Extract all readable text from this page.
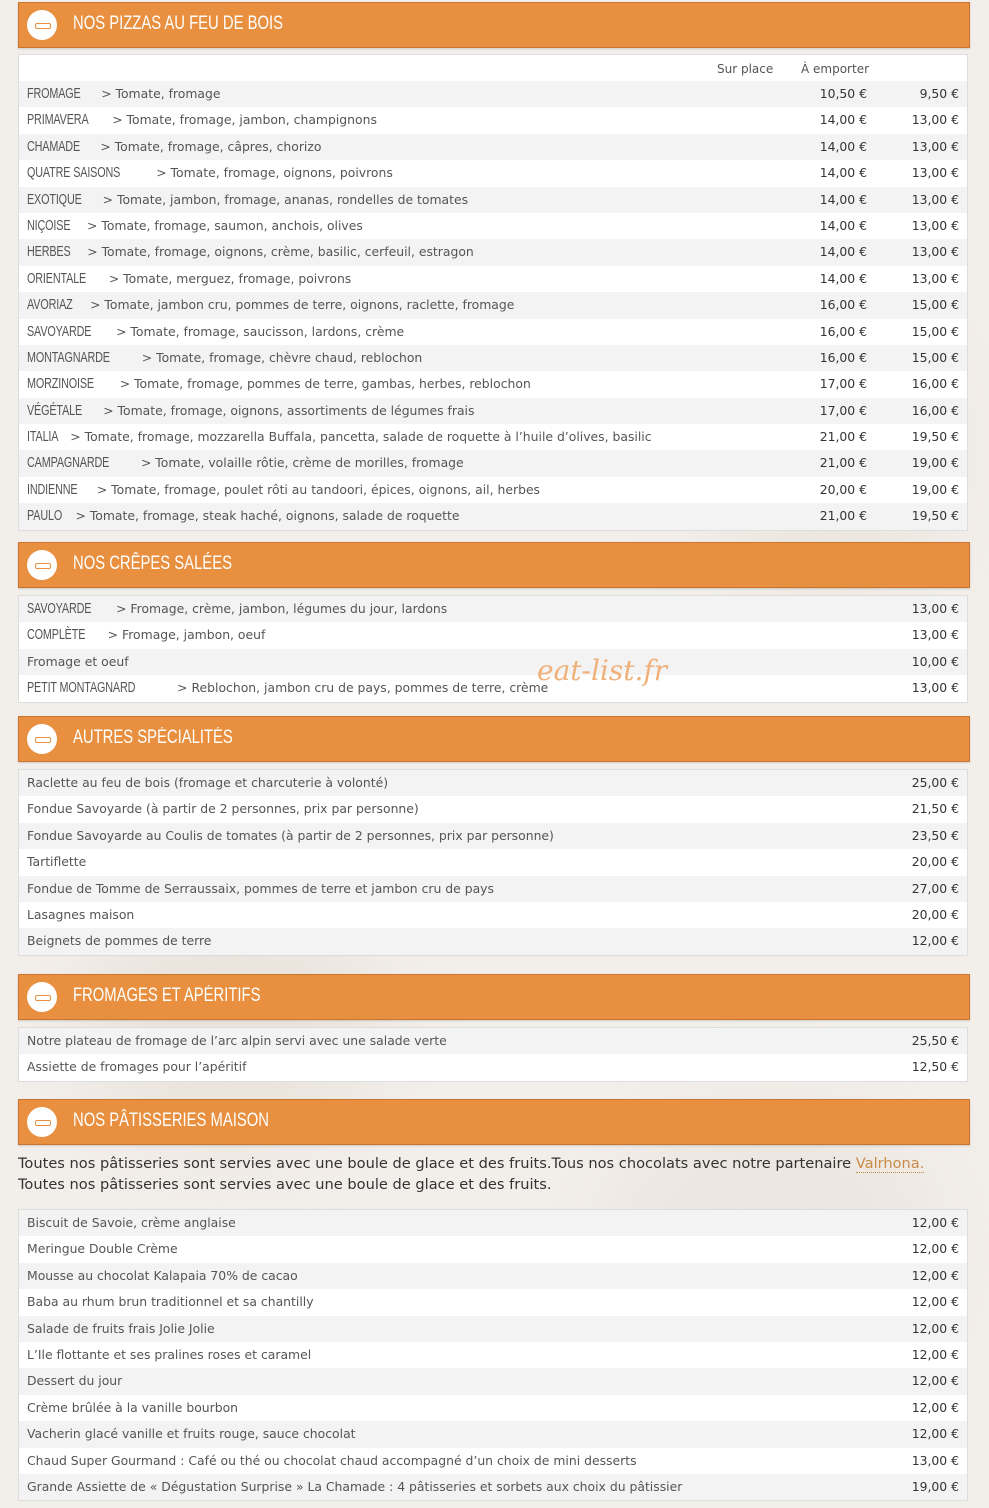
NOS PIZZAS AU FEU DE BOIS
Sur place À emporter
FROMAGE > Tomate, fromage	10,50 €	9,50 €
PRIMAVERA > Tomate, fromage, jambon, champignons	14,00 €	13,00 €
CHAMADE > Tomate, fromage, câpres, chorizo	14,00 €	13,00 €
QUATRE SAISONS	> Tomate, fromage, oignons, poivrons	14,00 €	13,00 €
EXOTIQUE > Tomate, jambon, fromage, ananas, rondelles de tomates	14,00 €	13,00 €
NIÇOISE > Tomate, fromage, saumon, anchois, olives	14,00 €	13,00 €
HERBES > Tomate, fromage, oignons, crème, basilic, cerfeuil, estragon	14,00 €	13,00 €
ORIENTALE > Tomate, merguez, fromage, poivrons	14,00 €	13,00 €
AVORIAZ > Tomate, jambon cru, pommes de terre, oignons, raclette, fromage	16,00 €	15,00 €
SAVOYARDE > Tomate, fromage, saucisson, lardons, crème	16,00 €	15,00 €
MONTAGNARDE > Tomate, fromage, chèvre chaud, reblochon	16,00 €	15,00 €
MORZINOISE > Tomate, fromage, pommes de terre, gambas, herbes, reblochon	17,00 €	16,00 €
VÉGÉTALE > Tomate, fromage, oignons, assortiments de légumes frais	17,00 €	16,00 €
ITALIA > Tomate, fromage, mozzarella Buffala, pancetta, salade de roquette à l’huile d’olives, basilic	21,00 €	19,50 €
CAMPAGNARDE > Tomate, volaille rôtie, crème de morilles, fromage	21,00 €	19,00 €
INDIENNE > Tomate, fromage, poulet rôti au tandoori, épices, oignons, ail, herbes	20,00 €	19,00 €
PAULO > Tomate, fromage, steak haché, oignons, salade de roquette	21,00 €	19,50 €
NOS CRÊPES SALÉES
SAVOYARDE > Fromage, crème, jambon, légumes du jour, lardons	13,00 €
COMPLÈTE > Fromage, jambon, oeuf	13,00 €
Fromage et oeuf	10,00 €
PETIT MONTAGNARD	> Reblochon, jambon cru de pays, pommes de terre, crème	13,00 €
eat-list.fr
AUTRES SPÉCIALITÉS
Raclette au feu de bois (fromage et charcuterie à volonté)	25,00 €
Fondue Savoyarde (à partir de 2 personnes, prix par personne)	21,50 €
Fondue Savoyarde au Coulis de tomates (à partir de 2 personnes, prix par personne)	23,50 €
Tartiflette	20,00 €
Fondue de Tomme de Serraussaix, pommes de terre et jambon cru de pays	27,00 €
Lasagnes maison	20,00 €
Beignets de pommes de terre	12,00 €
FROMAGES ET APÉRITIFS
Notre plateau de fromage de l’arc alpin servi avec une salade verte	25,50 €
Assiette de fromages pour l’apéritif	12,50 €
NOS PÂTISSERIES MAISON
Toutes nos pâtisseries sont servies avec une boule de glace et des fruits.Tous nos chocolats avec notre partenaire Valrhona. Toutes nos pâtisseries sont servies avec une boule de glace et des fruits.
Biscuit de Savoie, crème anglaise	12,00 €
Meringue Double Crème	12,00 €
Mousse au chocolat Kalapaia 70% de cacao	12,00 €
Baba au rhum brun traditionnel et sa chantilly	12,00 €
Salade de fruits frais Jolie Jolie	12,00 €
L’Ile flottante et ses pralines roses et caramel	12,00 €
Dessert du jour	12,00 €
Crème brûlée à la vanille bourbon	12,00 €
Vacherin glacé vanille et fruits rouge, sauce chocolat	12,00 €
Chaud Super Gourmand : Café ou thé ou chocolat chaud accompagné d’un choix de mini desserts	13,00 €
Grande Assiette de « Dégustation Surprise » La Chamade : 4 pâtisseries et sorbets aux choix du pâtissier	19,00 €
